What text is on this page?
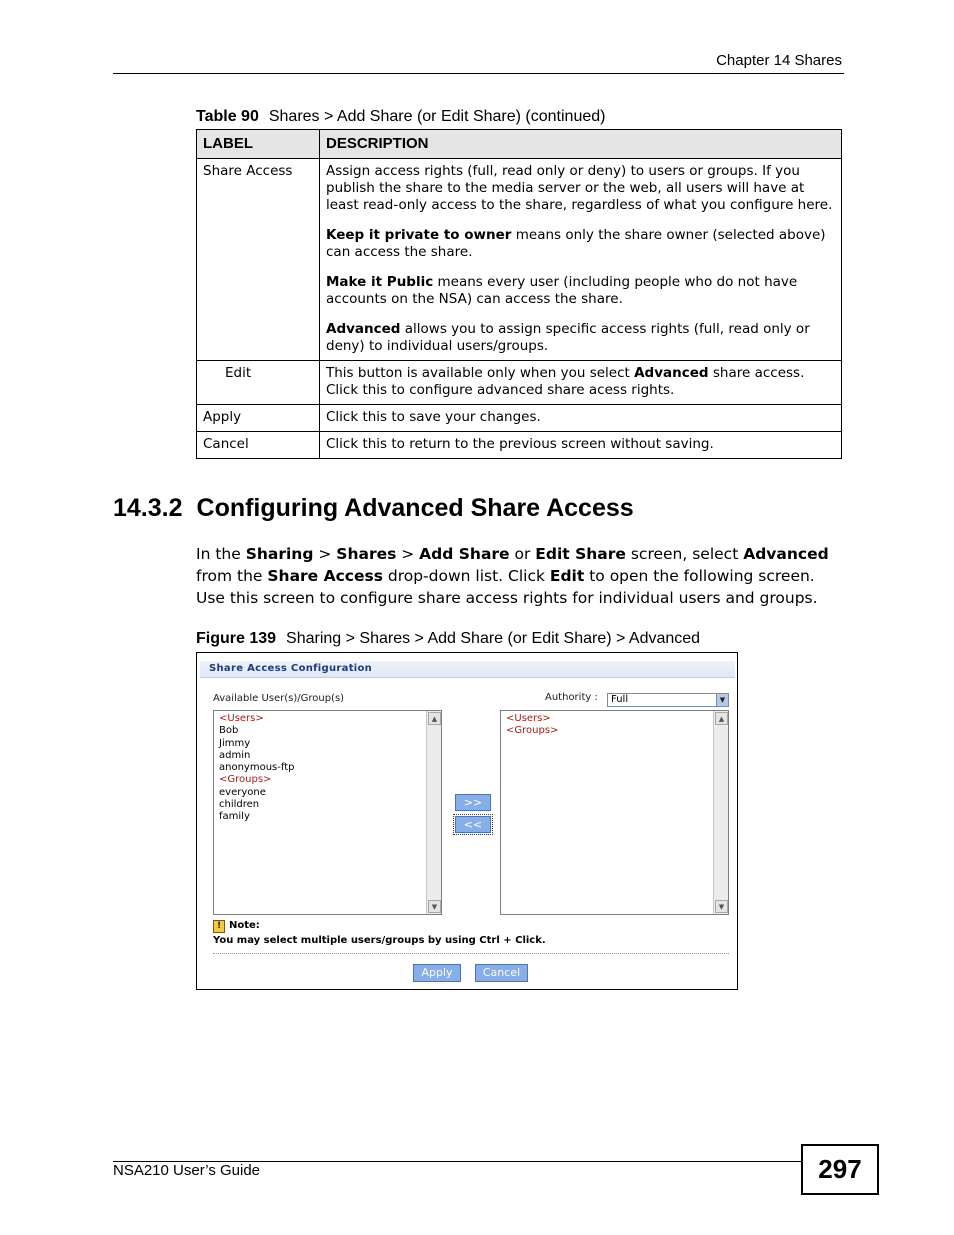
Chapter 14 Shares
Table 90 Shares > Add Share (or Edit Share) (continued)
LABEL	DESCRIPTION
Share Access	Assign access rights (full, read only or deny) to users or groups. If you publish the share to the media server or the web, all users will have at least read-only access to the share, regardless of what you configure here.

Keep it private to owner means only the share owner (selected above) can access the share.

Make it Public means every user (including people who do not have accounts on the NSA) can access the share.

Advanced allows you to assign specific access rights (full, read only or deny) to individual users/groups.

Edit	This button is available only when you select Advanced share access. Click this to configure advanced share acess rights.
Apply	Click this to save your changes.
Cancel	Click this to return to the previous screen without saving.
14.3.2 Configuring Advanced Share Access
In the Sharing > Shares > Add Share or Edit Share screen, select Advanced from the Share Access drop-down list. Click Edit to open the following screen. Use this screen to configure share access rights for individual users and groups.
Figure 139 Sharing > Shares > Add Share (or Edit Share) > Advanced
Share Access Configuration
Available User(s)/Group(s)	Authority :	Full	▼
<Users>
Bob
Jimmy
admin
anonymous-ftp
<Groups>
everyone
children
family
▲
▼
>>
<<
<Users>
<Groups>
▲
▼
! Note:
You may select multiple users/groups by using Ctrl + Click.
Apply	Cancel
NSA210 User’s Guide	297
